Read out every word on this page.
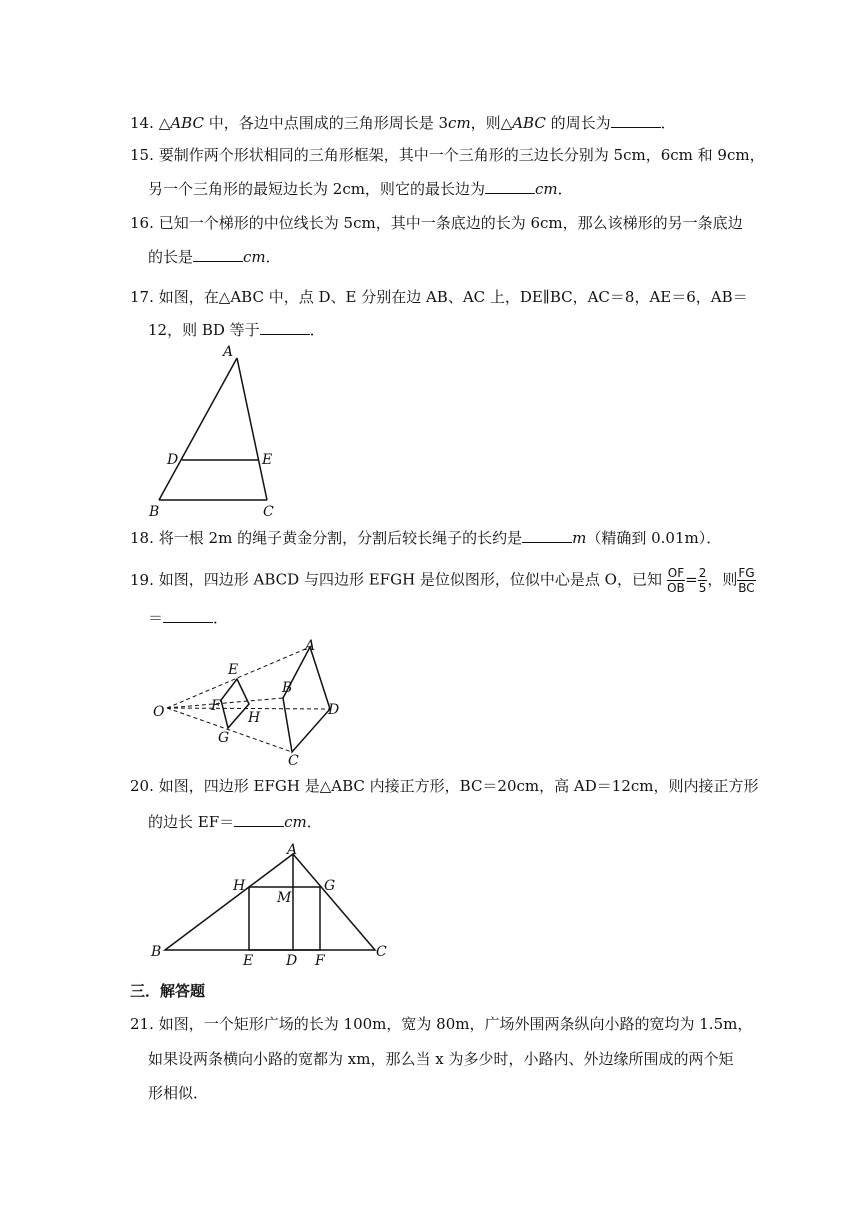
14. △ABC 中，各边中点围成的三角形周长是 3cm，则△ABC 的周长为	．
15. 要制作两个形状相同的三角形框架，其中一个三角形的三边长分别为 5cm，6cm 和 9cm，
另一个三角形的最短边长为 2cm，则它的最长边为	cm．
16. 已知一个梯形的中位线长为 5cm，其中一条底边的长为 6cm，那么该梯形的另一条底边
的长是	cm．
17. 如图，在△ABC 中，点 D、E 分别在边 AB、AC 上，DE∥BC，AC＝8，AE＝6，AB＝
12，则 BD 等于	．
A
D	E
B	C
18. 将一根 2m 的绳子黄金分割，分割后较长绳子的长约是	m（精确到 0.01m）．
19. 如图，四边形 ABCD 与四边形 EFGH 是位似图形，位似中心是点 O，已知 $\frac{OF}{OB} = \frac{2}{5}$ ，则 $\frac{FG}{BC}$
＝	．
O
A
B
D
C
E
F
H
G
20. 如图，四边形 EFGH 是△ABC 内接正方形，BC＝20cm，高 AD＝12cm，则内接正方形
的边长 EF＝	cm．
A
H	G
M
B	C
E D F
三．解答题
21. 如图，一个矩形广场的长为 100m，宽为 80m，广场外围两条纵向小路的宽均为 1.5m，
如果设两条横向小路的宽都为 xm，那么当 x 为多少时，小路内、外边缘所围成的两个矩
形相似．
